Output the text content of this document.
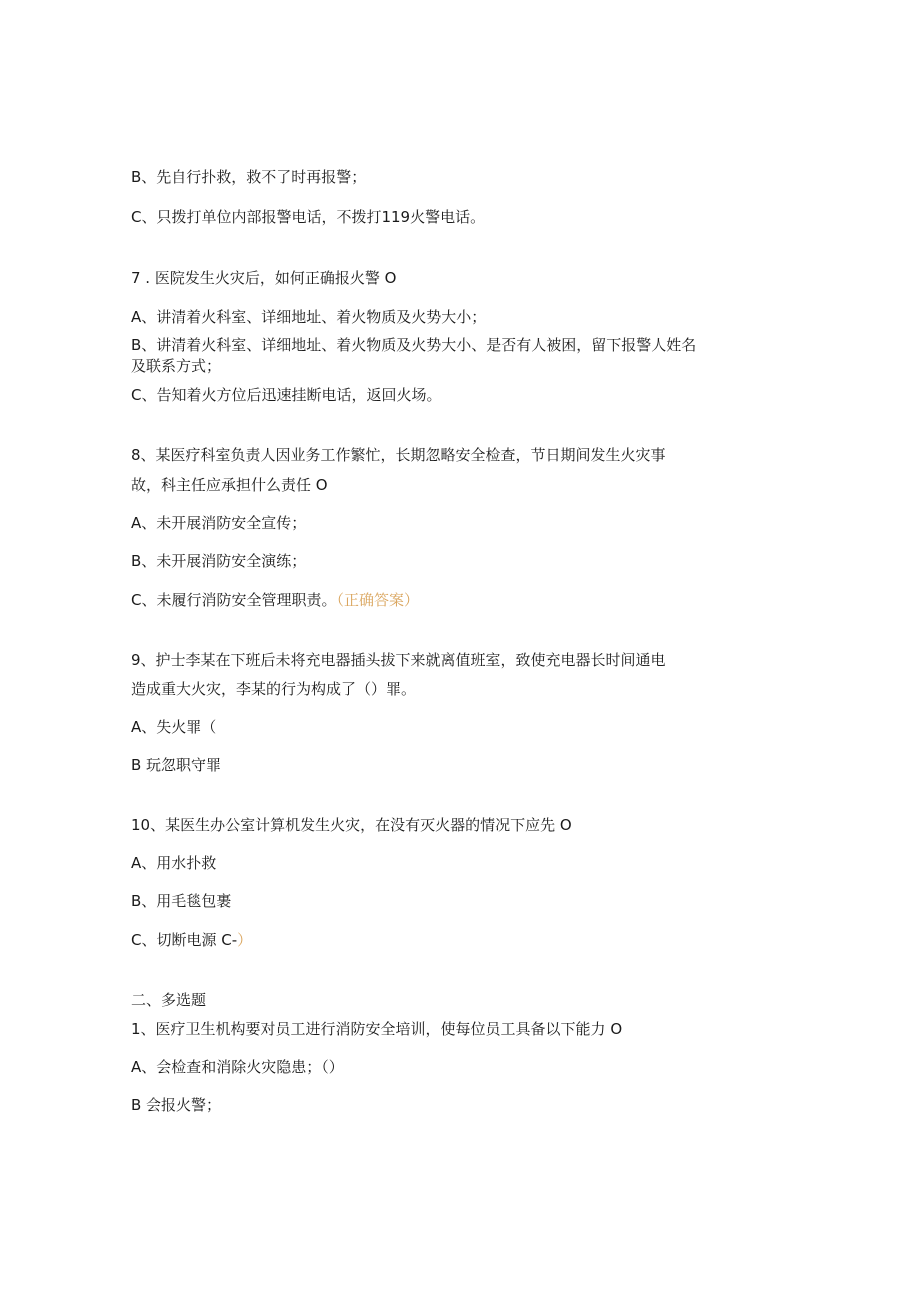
B、先自行扑救，救不了时再报警；
C、只拨打单位内部报警电话，不拨打119火警电话。
7 . 医院发生火灾后，如何正确报火警 O
A、讲清着火科室、详细地址、着火物质及火势大小；
B、讲清着火科室、详细地址、着火物质及火势大小、是否有人被困，留下报警人姓名
及联系方式；
C、告知着火方位后迅速挂断电话，返回火场。
8、某医疗科室负责人因业务工作繁忙，长期忽略安全检查，节日期间发生火灾事
故，科主任应承担什么责任 O
A、未开展消防安全宣传；
B、未开展消防安全演练；
C、未履行消防安全管理职责。（正确答案）
9、护士李某在下班后未将充电器插头拔下来就离值班室，致使充电器长时间通电
造成重大火灾，李某的行为构成了（）罪。
A、失火罪（
B 玩忽职守罪
10、某医生办公室计算机发生火灾，在没有灭火器的情况下应先 O
A、用水扑救
B、用毛毯包裹
C、切断电源 C-）
二、多选题
1、医疗卫生机构要对员工进行消防安全培训，使每位员工具备以下能力 O
A、会检查和消除火灾隐患；（）
B 会报火警；
